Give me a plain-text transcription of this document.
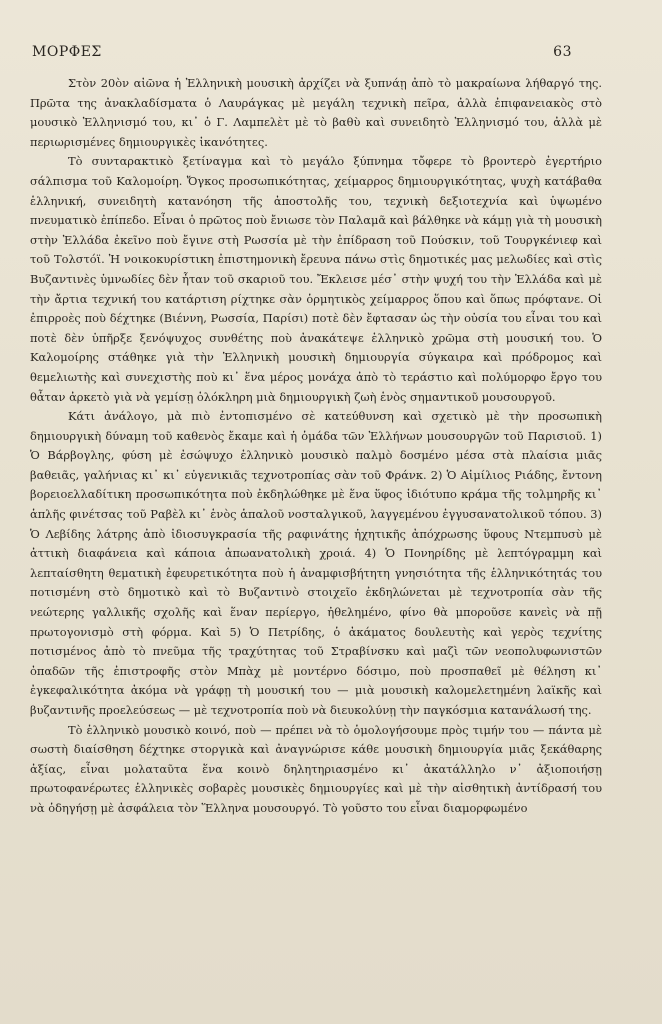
ΜΟΡΦΕΣ	63

Στὸν 20ὸν αἰῶνα ἡ Ἑλληνικὴ μουσικὴ ἀρχίζει νὰ ξυπνάῃ ἀπὸ τὸ μακραίωνα λήθαργό της. Πρῶτα της ἀνακλαδίσματα ὁ Λαυράγκας μὲ μεγάλη τεχνικὴ πεῖρα, ἀλλὰ ἐπιφανειακὸς στὸ μουσικὸ Ἑλληνισμό του, κι᾿ ὁ Γ. Λαμπελὲτ μὲ τὸ βαθὺ καὶ συνειδητὸ Ἑλληνισμό του, ἀλλὰ μὲ περιωρισμένες δημιουργικὲς ἱκανότητες.

Τὸ συνταρακτικὸ ξετίναγμα καὶ τὸ μεγάλο ξύπνημα τὄφερε τὸ βροντερὸ ἐγερτήριο σάλπισμα τοῦ Καλομοίρη. Ὄγκος προσωπικότητας, χείμαρρος δημιουργικότητας, ψυχὴ κατάβαθα ἑλληνική, συνειδητὴ κατανόηση τῆς ἀποστολῆς του, τεχνικὴ δεξιοτεχνία καὶ ὑψωμένο πνευματικὸ ἐπίπεδο. Εἶναι ὁ πρῶτος ποὺ ἔνιωσε τὸν Παλαμᾶ καὶ βάλθηκε νὰ κάμῃ γιὰ τὴ μουσικὴ στὴν Ἑλλάδα ἐκεῖνο ποὺ ἔγινε στὴ Ρωσσία μὲ τὴν ἐπίδραση τοῦ Πούσκιν, τοῦ Τουργκένιεφ καὶ τοῦ Τολστόϊ. Ἡ νοικοκυρίστικη ἐπιστημονικὴ ἔρευνα πάνω στὶς δημοτικές μας μελωδίες καὶ στὶς Βυζαντινὲς ὑμνωδίες δὲν ἦταν τοῦ σκαριοῦ του. Ἔκλεισε μέσ᾿ στὴν ψυχή του τὴν Ἑλλάδα καὶ μὲ τὴν ἄρτια τεχνική του κατάρτιση ρίχτηκε σὰν ὁρμητικὸς χείμαρρος ὅπου καὶ ὅπως πρόφτανε. Οἱ ἐπιρροὲς ποὺ δέχτηκε (Βιέννη, Ρωσσία, Παρίσι) ποτὲ δὲν ἔφτασαν ὡς τὴν οὐσία του εἶναι του καὶ ποτὲ δὲν ὑπῆρξε ξενόψυχος συνθέτης ποὺ ἀνακάτεψε ἑλληνικὸ χρῶμα στὴ μουσική του. Ὁ Καλομοίρης στάθηκε γιὰ τὴν Ἑλληνικὴ μουσικὴ δημιουργία σύγκαιρα καὶ πρόδρομος καὶ θεμελιωτὴς καὶ συνεχιστὴς ποὺ κι᾿ ἕνα μέρος μονάχα ἀπὸ τὸ τεράστιο καὶ πολύμορφο ἔργο του θἆταν ἀρκετὸ γιὰ νὰ γεμίσῃ ὁλόκληρη μιὰ δημιουργικὴ ζωὴ ἑνὸς σημαντικοῦ μουσουργοῦ.

Κάτι ἀνάλογο, μὰ πιὸ ἐντοπισμένο σὲ κατεύθυνση καὶ σχετικὸ μὲ τὴν προσωπικὴ δημιουργικὴ δύναμη τοῦ καθενὸς ἔκαμε καὶ ἡ ὁμάδα τῶν Ἑλλήνων μουσουργῶν τοῦ Παρισιοῦ. 1) Ὁ Βάρβογλης, φύση μὲ ἐσώψυχο ἑλληνικὸ μουσικὸ παλμὸ δοσμένο μέσα στὰ πλαίσια μιᾶς βαθειᾶς, γαλήνιας κι᾿ κι᾿ εὐγενικιᾶς τεχνοτροπίας σὰν τοῦ Φράνκ. 2) Ὁ Αἰμίλιος Ριάδης, ἔντονη βορειοελλαδίτικη προσωπικότητα ποὺ ἐκδηλώθηκε μὲ ἕνα ὕφος ἰδιότυπο κράμα τῆς τολμηρῆς κι᾿ ἁπλῆς φινέτσας τοῦ Ραβὲλ κι᾿ ἑνὸς ἁπαλοῦ νοσταλγικοῦ, λαγγεμένου ἐγγυσανατολικοῦ τόπου. 3) Ὁ Λεβίδης λάτρης ἀπὸ ἰδιοσυγκρασία τῆς ραφινάτης ἠχητικῆς ἀπόχρωσης ὕφους Ντεμπυσὺ μὲ ἀττικὴ διαφάνεια καὶ κάποια ἀπωανατολικὴ χροιά. 4) Ὁ Πονηρίδης μὲ λεπτόγραμμη καὶ λεπταίσθητη θεματικὴ ἐφευρετικότητα ποὺ ἡ ἀναμφισβήτητη γνησιότητα τῆς ἑλληνικότητάς του ποτισμένη στὸ δημοτικὸ καὶ τὸ Βυζαντινὸ στοιχεῖο ἐκδηλώνεται μὲ τεχνοτροπία σὰν τῆς νεώτερης γαλλικῆς σχολῆς καὶ ἕναν περίεργο, ἠθελημένο, φίνο θὰ μποροῦσε κανεὶς νὰ πῇ πρωτογονισμὸ στὴ φόρμα. Καὶ 5) Ὁ Πετρίδης, ὁ ἀκάματος δουλευτὴς καὶ γερὸς τεχνίτης ποτισμένος ἀπὸ τὸ πνεῦμα τῆς τραχύτητας τοῦ Στραβίνσκυ καὶ μαζὶ τῶν νεοπολυφωνιστῶν ὀπαδῶν τῆς ἐπιστροφῆς στὸν Μπὰχ μὲ μοντέρνο δόσιμο, ποὺ προσπαθεῖ μὲ θέληση κι᾿ ἐγκεφαλικότητα ἀκόμα νὰ γράφῃ τὴ μουσική του — μιὰ μουσικὴ καλομελετημένη λαϊκῆς καὶ βυζαντινῆς προελεύσεως — μὲ τεχνοτροπία ποὺ νὰ διευκολύνῃ τὴν παγκόσμια κατανάλωσή της.

Τὸ ἑλληνικὸ μουσικὸ κοινό, ποὺ — πρέπει νὰ τὸ ὁμολογήσουμε πρὸς τιμήν του — πάντα μὲ σωστὴ διαίσθηση δέχτηκε στοργικὰ καὶ ἀναγνώρισε κάθε μουσικὴ δημιουργία μιᾶς ξεκάθαρης ἀξίας, εἶναι μολαταῦτα ἕνα κοινὸ δηλητηριασμένο κι᾿ ἀκατάλληλο ν᾿ ἀξιοποιήσῃ πρωτοφανέρωτες ἑλληνικὲς σοβαρὲς μουσικὲς δημιουργίες καὶ μὲ τὴν αἰσθητικὴ ἀντίδρασή του νὰ ὁδηγήσῃ μὲ ἀσφάλεια τὸν Ἕλληνα μουσουργό. Τὸ γοῦστο του εἶναι διαμορφωμένο
